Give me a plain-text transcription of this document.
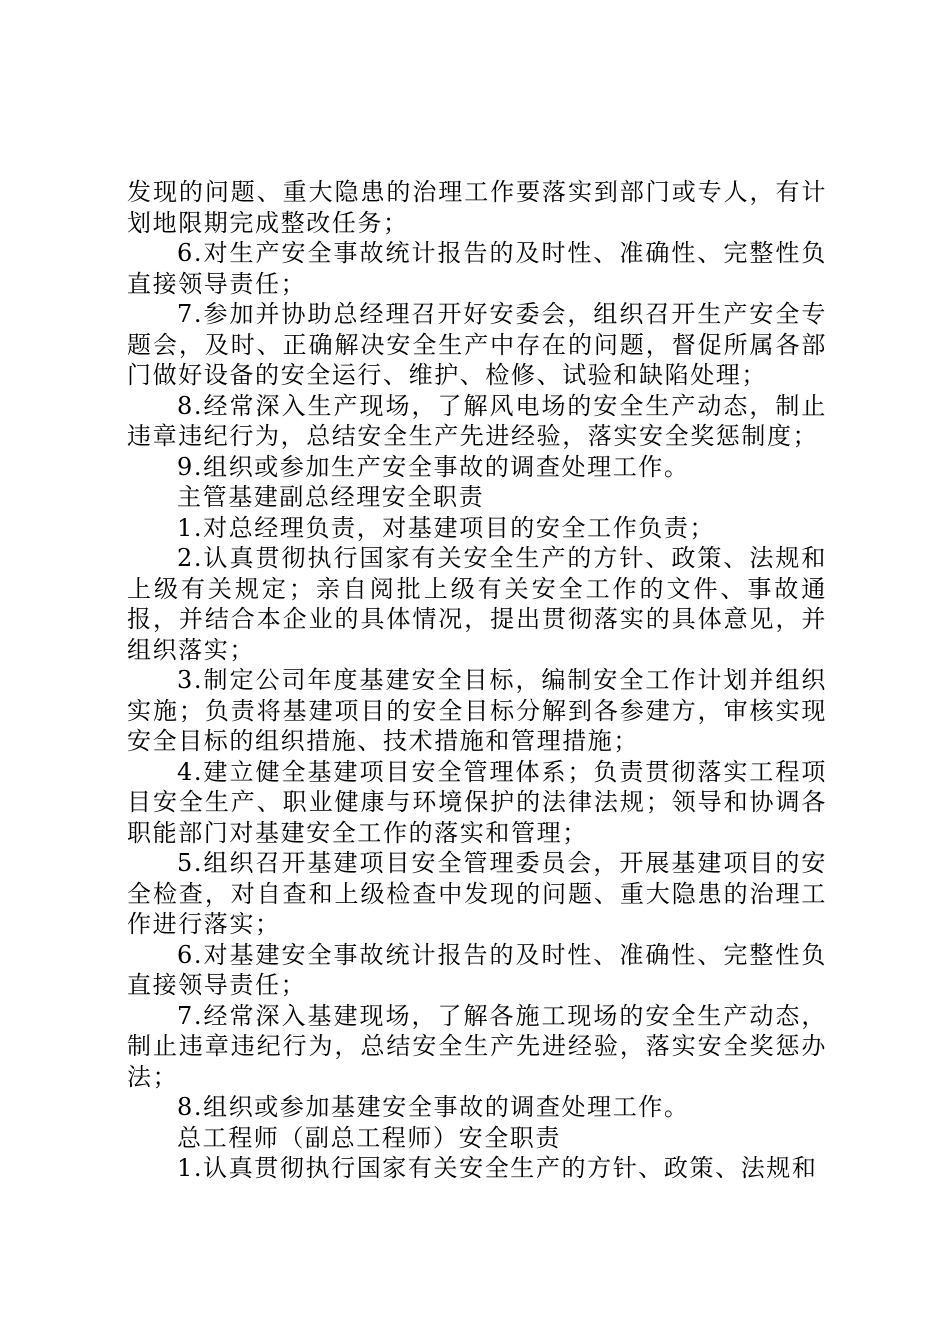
发现的问题、重大隐患的治理工作要落实到部门或专人，有计划地限期完成整改任务；

6.对生产安全事故统计报告的及时性、准确性、完整性负直接领导责任；

7.参加并协助总经理召开好安委会，组织召开生产安全专题会，及时、正确解决安全生产中存在的问题，督促所属各部门做好设备的安全运行、维护、检修、试验和缺陷处理；

8.经常深入生产现场，了解风电场的安全生产动态，制止违章违纪行为，总结安全生产先进经验，落实安全奖惩制度；

9.组织或参加生产安全事故的调查处理工作。

主管基建副总经理安全职责

1.对总经理负责，对基建项目的安全工作负责；

2.认真贯彻执行国家有关安全生产的方针、政策、法规和上级有关规定；亲自阅批上级有关安全工作的文件、事故通报，并结合本企业的具体情况，提出贯彻落实的具体意见，并组织落实；

3.制定公司年度基建安全目标，编制安全工作计划并组织实施；负责将基建项目的安全目标分解到各参建方，审核实现安全目标的组织措施、技术措施和管理措施；

4.建立健全基建项目安全管理体系；负责贯彻落实工程项目安全生产、职业健康与环境保护的法律法规；领导和协调各职能部门对基建安全工作的落实和管理；

5.组织召开基建项目安全管理委员会，开展基建项目的安全检查，对自查和上级检查中发现的问题、重大隐患的治理工作进行落实；

6.对基建安全事故统计报告的及时性、准确性、完整性负直接领导责任；

7.经常深入基建现场，了解各施工现场的安全生产动态，制止违章违纪行为，总结安全生产先进经验，落实安全奖惩办法；

8.组织或参加基建安全事故的调查处理工作。

总工程师（副总工程师）安全职责

1.认真贯彻执行国家有关安全生产的方针、政策、法规和
